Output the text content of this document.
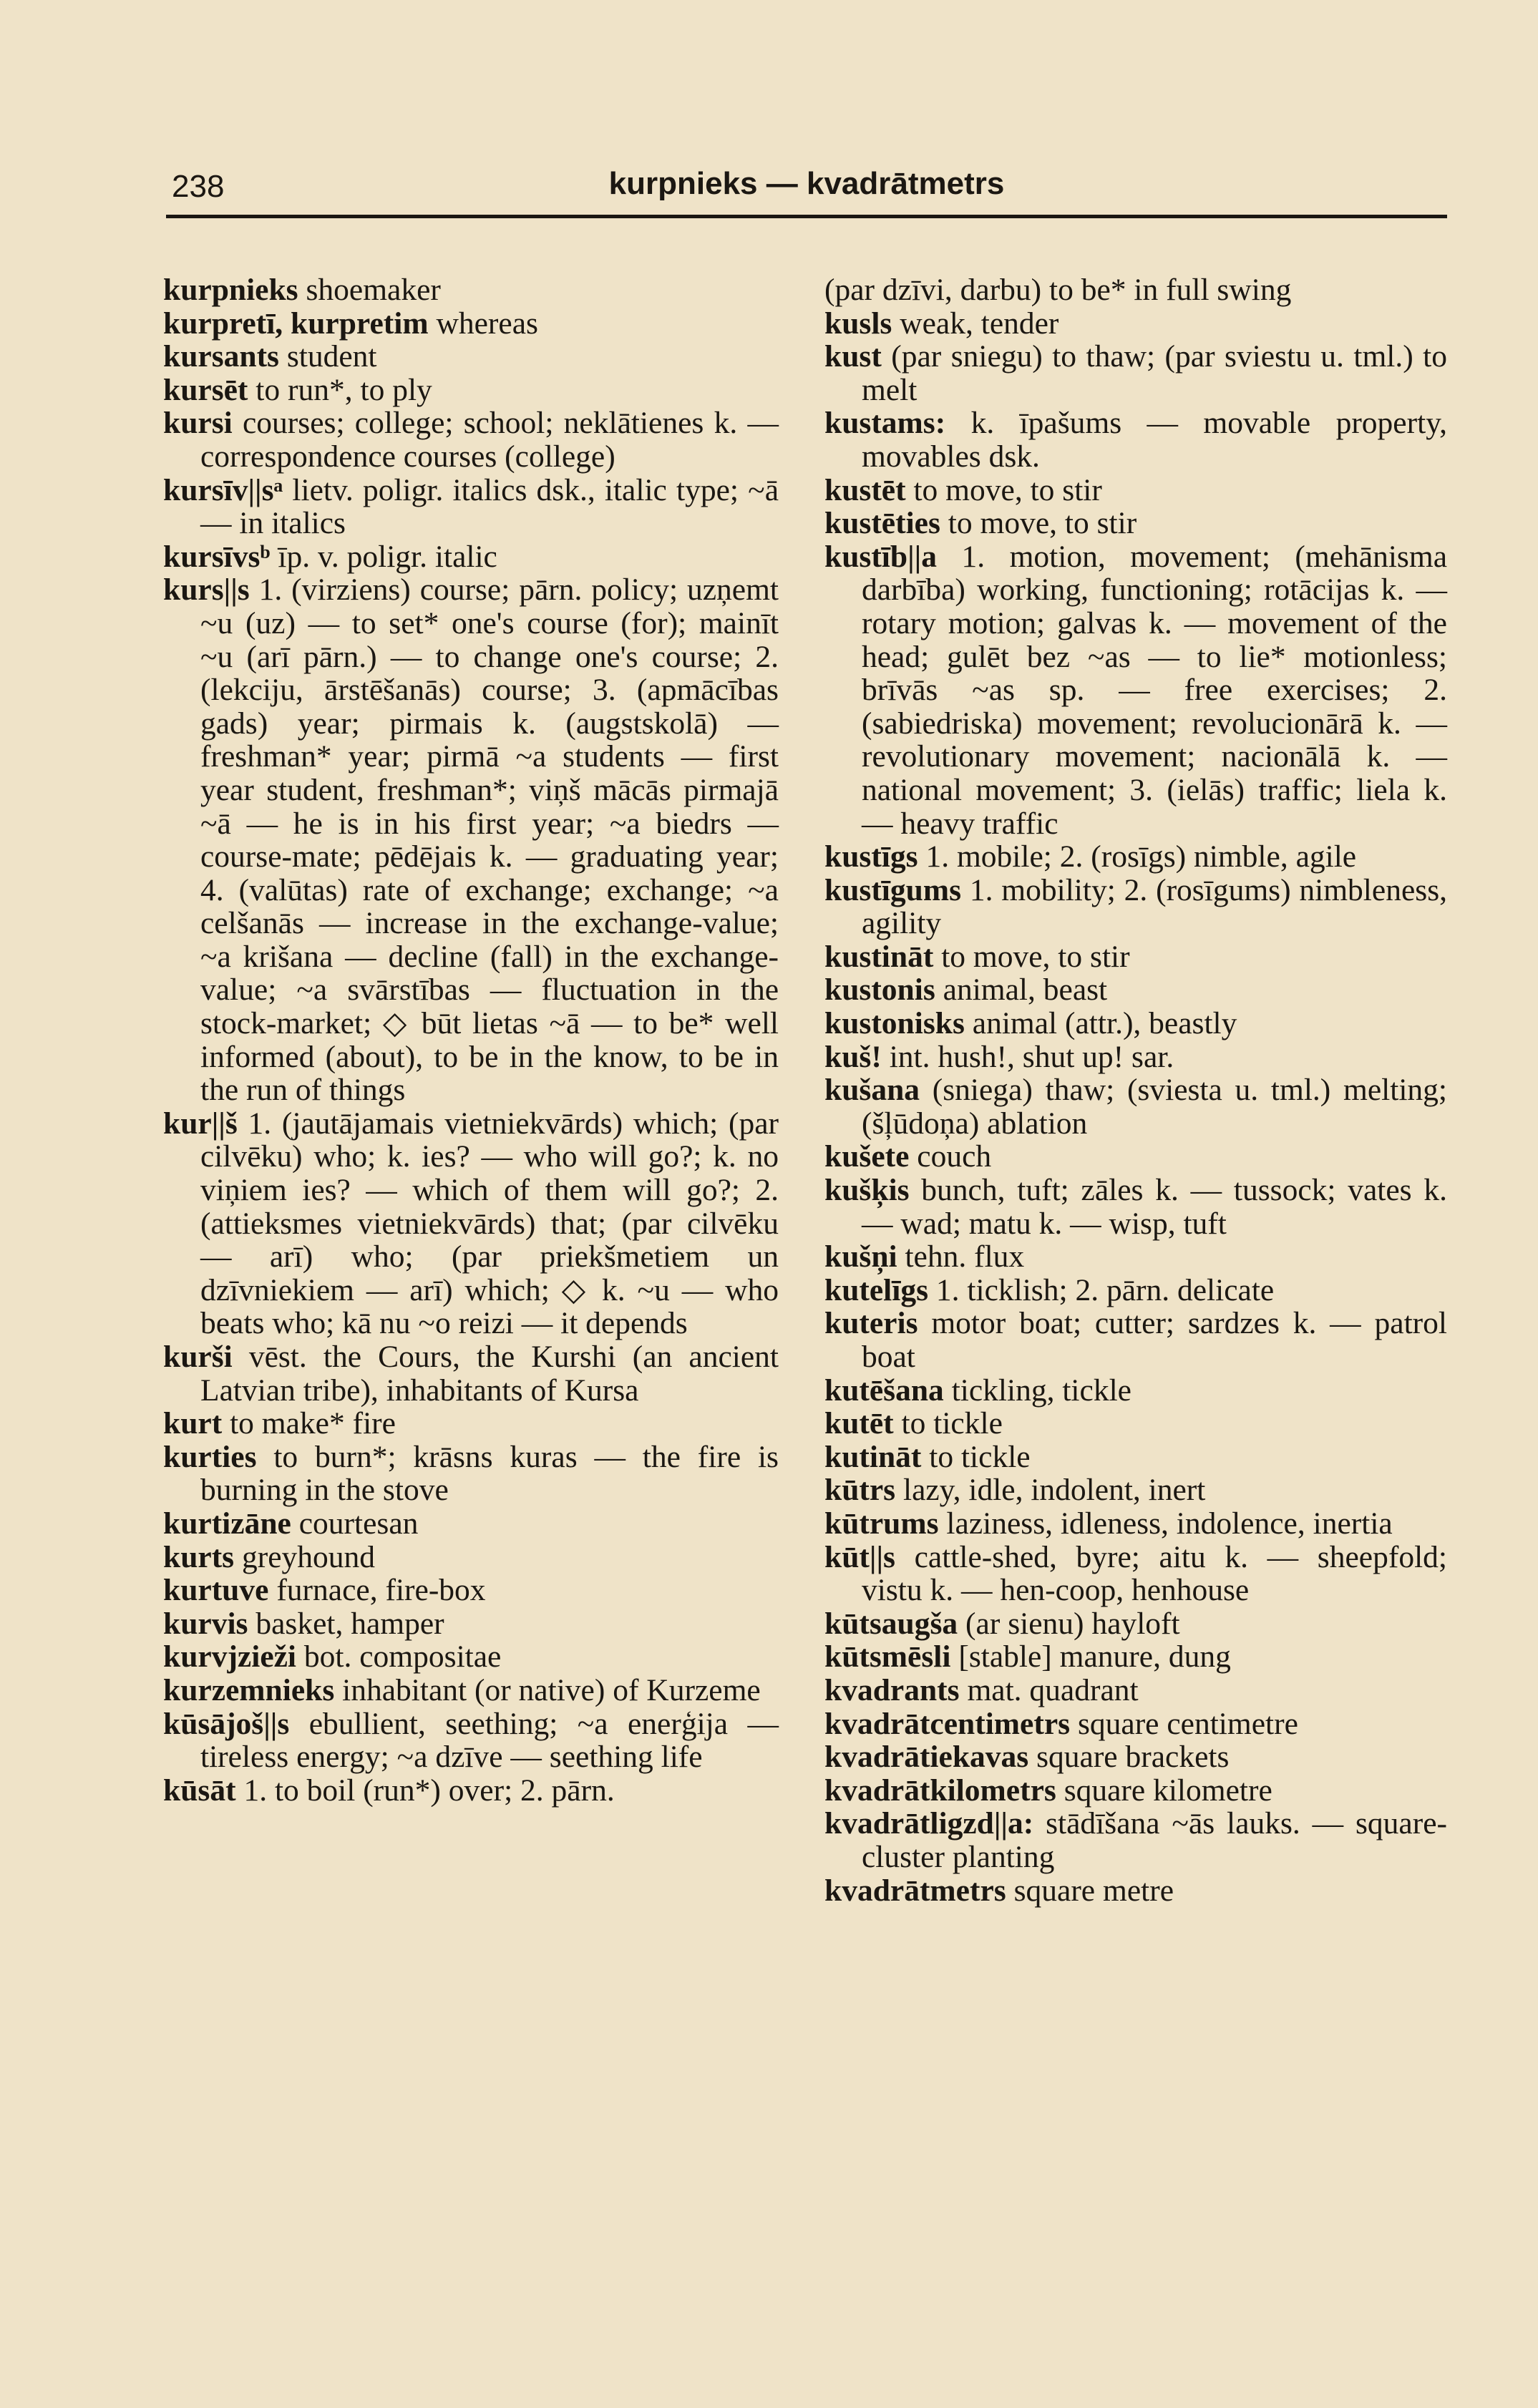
238	kurpnieks — kvadrātmetrs

kurpnieks shoemaker

kurpretī, kurpretim whereas

kursants student

kursēt to run*, to ply

kursi courses; college; school; neklātienes k. — correspondence courses (college)

kursīv||sᵃ lietv. poligr. italics dsk., italic type; ~ā — in italics

kursīvsᵇ īp. v. poligr. italic

kurs||s 1. (virziens) course; pārn. policy; uzņemt ~u (uz) — to set* one's course (for); mainīt ~u (arī pārn.) — to change one's course; 2. (lekciju, ārstēšanās) course; 3. (apmācības gads) year; pirmais k. (augstskolā) — freshman* year; pirmā ~a students — first year student, freshman*; viņš mācās pirmajā ~ā — he is in his first year; ~a biedrs — course-mate; pēdējais k. — graduating year; 4. (valūtas) rate of exchange; exchange; ~a celšanās — increase in the exchange-value; ~a krišana — decline (fall) in the exchange-value; ~a svārstības — fluctuation in the stock-market; ◇ būt lietas ~ā — to be* well informed (about), to be in the know, to be in the run of things

kur||š 1. (jautājamais vietniekvārds) which; (par cilvēku) who; k. ies? — who will go?; k. no viņiem ies? — which of them will go?; 2. (attieksmes vietniekvārds) that; (par cilvēku — arī) who; (par priekšmetiem un dzīvniekiem — arī) which; ◇ k. ~u — who beats who; kā nu ~o reizi — it depends

kurši vēst. the Cours, the Kurshi (an ancient Latvian tribe), inhabitants of Kursa

kurt to make* fire

kurties to burn*; krāsns kuras — the fire is burning in the stove

kurtizāne courtesan

kurts greyhound

kurtuve furnace, fire-box

kurvis basket, hamper

kurvjzieži bot. compositae

kurzemnieks inhabitant (or native) of Kurzeme

kūsājoš||s ebullient, seething; ~a enerģija — tireless energy; ~a dzīve — seething life

kūsāt 1. to boil (run*) over; 2. pārn.

(par dzīvi, darbu) to be* in full swing

kusls weak, tender

kust (par sniegu) to thaw; (par sviestu u. tml.) to melt

kustams: k. īpašums — movable property, movables dsk.

kustēt to move, to stir

kustēties to move, to stir

kustīb||a 1. motion, movement; (mehānisma darbība) working, functioning; rotācijas k. — rotary motion; galvas k. — movement of the head; gulēt bez ~as — to lie* motionless; brīvās ~as sp. — free exercises; 2. (sabiedriska) movement; revolucionārā k. — revolutionary movement; nacionālā k. — national movement; 3. (ielās) traffic; liela k. — heavy traffic

kustīgs 1. mobile; 2. (rosīgs) nimble, agile

kustīgums 1. mobility; 2. (rosīgums) nimbleness, agility

kustināt to move, to stir

kustonis animal, beast

kustonisks animal (attr.), beastly

kuš! int. hush!, shut up! sar.

kušana (sniega) thaw; (sviesta u. tml.) melting; (šļūdoņa) ablation

kušete couch

kušķis bunch, tuft; zāles k. — tussock; vates k. — wad; matu k. — wisp, tuft

kušņi tehn. flux

kutelīgs 1. ticklish; 2. pārn. delicate

kuteris motor boat; cutter; sardzes k. — patrol boat

kutēšana tickling, tickle

kutēt to tickle

kutināt to tickle

kūtrs lazy, idle, indolent, inert

kūtrums laziness, idleness, indolence, inertia

kūt||s cattle-shed, byre; aitu k. — sheepfold; vistu k. — hen-coop, henhouse

kūtsaugša (ar sienu) hayloft

kūtsmēsli [stable] manure, dung

kvadrants mat. quadrant

kvadrātcentimetrs square centimetre

kvadrātiekavas square brackets

kvadrātkilometrs square kilometre

kvadrātligzd||a: stādīšana ~ās lauks. — square-cluster planting

kvadrātmetrs square metre
